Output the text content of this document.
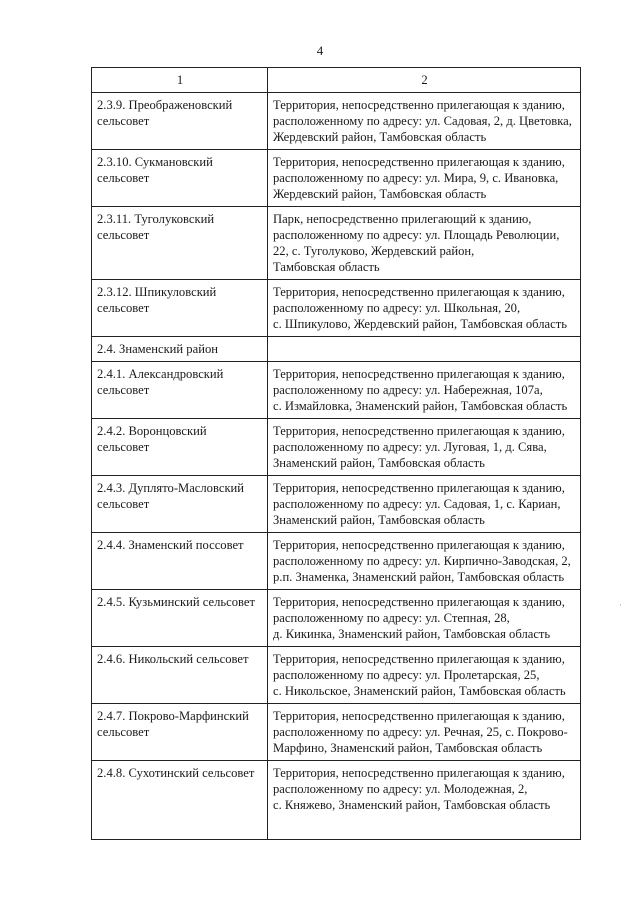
4
1	2

2.3.9. Преображеновский
сельсовет	Территория, непосредственно прилегающая к зданию,
расположенному по адресу: ул. Садовая, 2, д. Цветовка,
Жердевский район, Тамбовская область

2.3.10. Сукмановский
сельсовет	Территория, непосредственно прилегающая к зданию,
расположенному по адресу: ул. Мира, 9, с. Ивановка,
Жердевский район, Тамбовская область

2.3.11. Туголуковский
сельсовет	Парк, непосредственно прилегающий к зданию,
расположенному по адресу: ул. Площадь Революции,
22, с. Туголуково, Жердевский район,
Тамбовская область

2.3.12. Шпикуловский
сельсовет	Территория, непосредственно прилегающая к зданию,
расположенному по адресу: ул. Школьная, 20,
с. Шпикулово, Жердевский район, Тамбовская область

2.4. Знаменский район	

2.4.1. Александровский
сельсовет	Территория, непосредственно прилегающая к зданию,
расположенному по адресу: ул. Набережная, 107а,
с. Измайловка, Знаменский район, Тамбовская область

2.4.2. Воронцовский
сельсовет	Территория, непосредственно прилегающая к зданию,
расположенному по адресу: ул. Луговая, 1, д. Сява,
Знаменский район, Тамбовская область

2.4.3. Дуплято-Масловский
сельсовет	Территория, непосредственно прилегающая к зданию,
расположенному по адресу: ул. Садовая, 1, с. Кариан,
Знаменский район, Тамбовская область

2.4.4. Знаменский поссовет	Территория, непосредственно прилегающая к зданию,
расположенному по адресу: ул. Кирпично-Заводская, 2,
р.п. Знаменка, Знаменский район, Тамбовская область

2.4.5. Кузьминский сельсовет	Территория, непосредственно прилегающая к зданию,
расположенному по адресу: ул. Степная, 28,
д. Кикинка, Знаменский район, Тамбовская область

2.4.6. Никольский сельсовет	Территория, непосредственно прилегающая к зданию,
расположенному по адресу: ул. Пролетарская, 25,
с. Никольское, Знаменский район, Тамбовская область

2.4.7. Покрово-Марфинский
сельсовет	Территория, непосредственно прилегающая к зданию,
расположенному по адресу: ул. Речная, 25, с. Покрово-
Марфино, Знаменский район, Тамбовская область

2.4.8. Сухотинский сельсовет	Территория, непосредственно прилегающая к зданию,
расположенному по адресу: ул. Молодежная, 2,
с. Княжево, Знаменский район, Тамбовская область
·
